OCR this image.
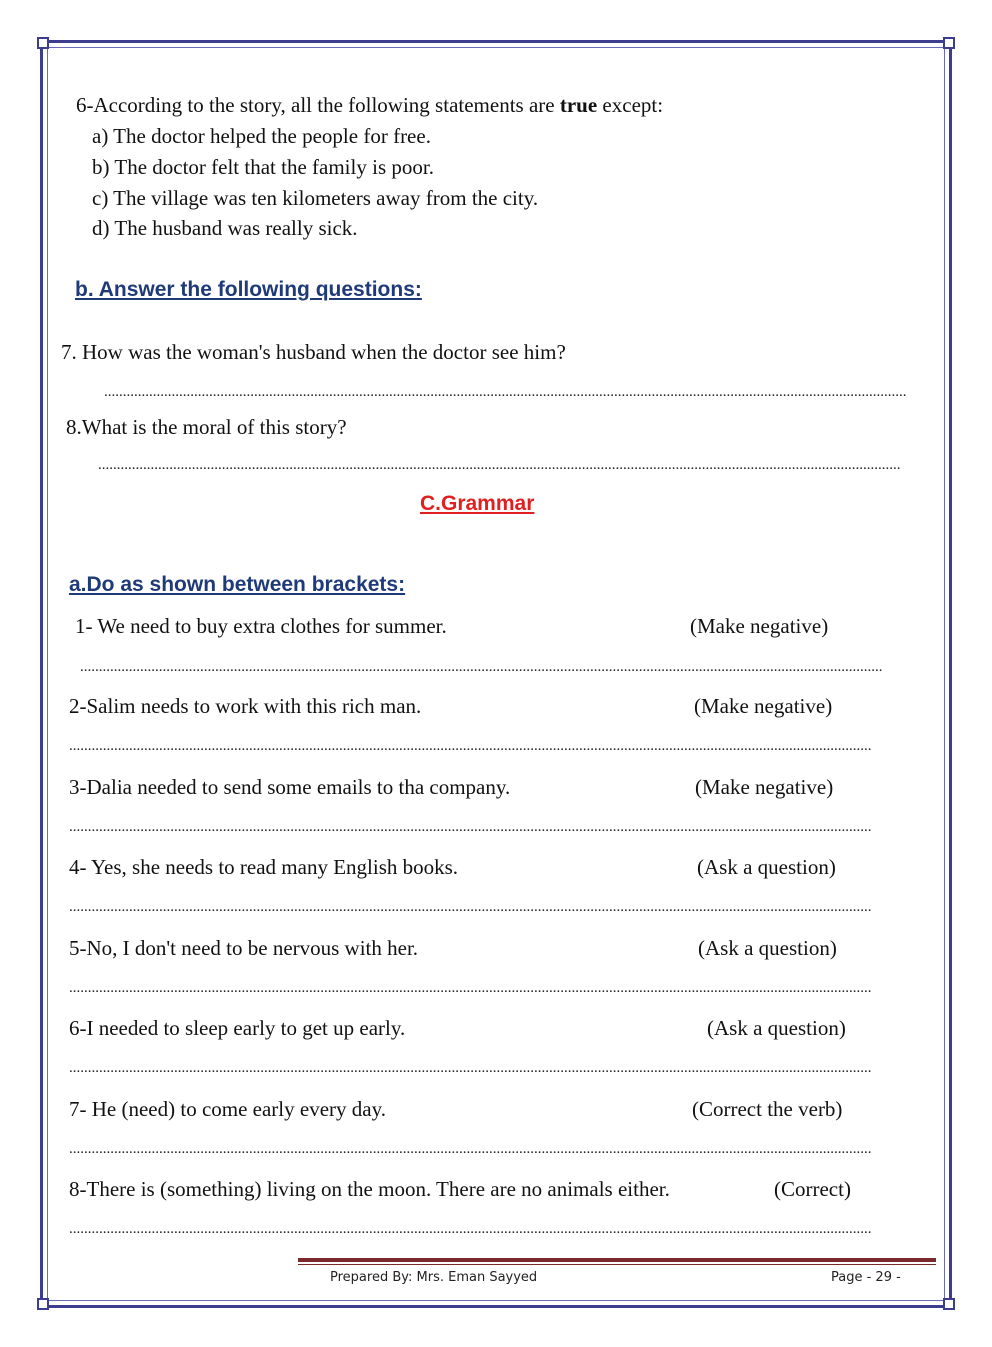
6-According to the story, all the following statements are true except:
a) The doctor helped the people for free.
b) The doctor felt that the family is poor.
c) The village was ten kilometers away from the city.
d) The husband was really sick.
b. Answer the following questions:
7. How was the woman's husband when the doctor see him?
......................................................................................................................................................................................................................
8.What is the moral of this story?
......................................................................................................................................................................................................................
C.Grammar
a.Do as shown between brackets:
1- We need to buy extra clothes for summer.	(Make negative)
......................................................................................................................................................................................................................
2-Salim needs to work with this rich man.	(Make negative)
......................................................................................................................................................................................................................
3-Dalia needed to send some emails to tha company.	(Make negative)
......................................................................................................................................................................................................................
4- Yes, she needs to read many English books.	(Ask a question)
......................................................................................................................................................................................................................
5-No, I don't need to be nervous with her.	(Ask a question)
......................................................................................................................................................................................................................
6-I needed to sleep early to get up early.	(Ask a question)
......................................................................................................................................................................................................................
7- He (need) to come early every day.	(Correct the verb)
......................................................................................................................................................................................................................
8-There is (something) living on the moon. There are no animals either.	(Correct)
......................................................................................................................................................................................................................
Prepared By: Mrs. Eman Sayyed	Page - 29 -
